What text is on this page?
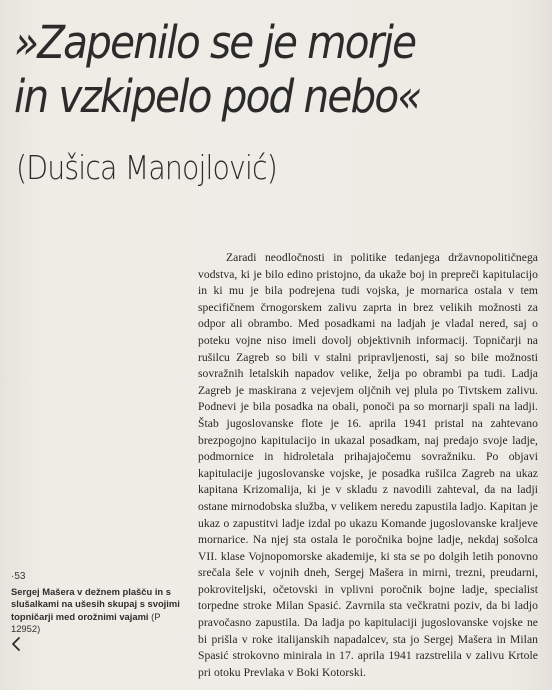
»Zapenilo se je morje
in vzkipelo pod nebo«
(Dušica Manojlović)

Zaradi neodločnosti in politike tedanjega državnopolitičnega vodstva, ki je bilo edino pristojno, da ukaže boj in prepreči kapitulacijo in ki mu je bila podrejena tudi vojska, je mornarica ostala v tem specifičnem črnogorskem zalivu zaprta in brez velikih možnosti za odpor ali obrambo. Med posadkami na ladjah je vladal nered, saj o poteku vojne niso imeli dovolj objektivnih informacij. Topničarji na rušilcu Zagreb so bili v stalni pripravljenosti, saj so bile možnosti sovražnih letalskih napadov velike, želja po obrambi pa tudi. Ladja Zagreb je maskirana z vejevjem oljčnih vej plula po Tivtskem zalivu. Podnevi je bila posadka na obali, ponoči pa so mornarji spali na ladji. Štab jugoslovanske flote je 16. aprila 1941 pristal na zahtevano brezpogojno kapitulacijo in ukazal posadkam, naj predajo svoje ladje, podmornice in hidroletala prihajajočemu sovražniku. Po objavi kapitulacije jugoslovanske vojske, je posadka rušilca Zagreb na ukaz kapitana Krizomalija, ki je v skladu z navodili zahteval, da na ladji ostane mirnodobska služba, v velikem neredu zapustila ladjo. Kapitan je ukaz o zapustitvi ladje izdal po ukazu Komande jugoslovanske kraljeve mornarice. Na njej sta ostala le poročnika bojne ladje, nekdaj sošolca VII. klase Vojnopomorske akademije, ki sta se po dolgih letih ponovno srečala šele v vojnih dneh, Sergej Mašera in mirni, trezni, preudarni, pokroviteljski, očetovski in vplivni poročnik bojne ladje, specialist torpedne stroke Milan Spasić. Zavrnila sta večkratni poziv, da bi ladjo pravočasno zapustila. Da ladja po kapitulaciji jugoslovanske vojske ne bi prišla v roke italijanskih napadalcev, sta jo Sergej Mašera in Milan Spasić strokovno minirala in 17. aprila 1941 razstrelila v zalivu Krtole pri otoku Prevlaka v Boki Kotorski.

·53

Sergej Mašera v dežnem plašču in s slušalkami na ušesih skupaj s svojimi topničarji med orožnimi vajami (P 12952)
